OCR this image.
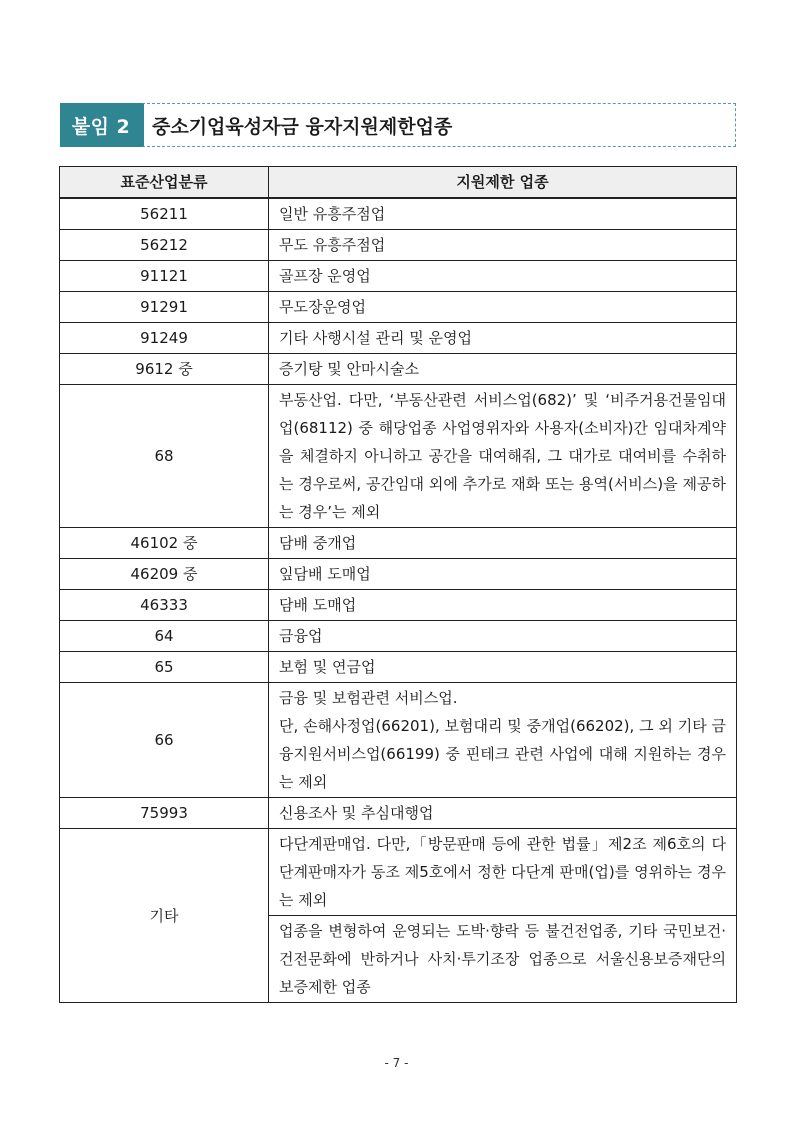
붙임 2	중소기업육성자금 융자지원제한업종
표준산업분류	지원제한 업종
56211	일반 유흥주점업
56212	무도 유흥주점업
91121	골프장 운영업
91291	무도장운영업
91249	기타 사행시설 관리 및 운영업
9612 중	증기탕 및 안마시술소
68	부동산업. 다만, ‘부동산관련 서비스업(682)’ 및 ‘비주거용건물임대업(68112) 중 해당업종 사업영위자와 사용자(소비자)간 임대차계약을 체결하지 아니하고 공간을 대여해줘, 그 대가로 대여비를 수취하는 경우로써, 공간임대 외에 추가로 재화 또는 용역(서비스)을 제공하는 경우’는 제외
46102 중	담배 중개업
46209 중	잎담배 도매업
46333	담배 도매업
64	금융업
65	보험 및 연금업
66	금융 및 보험관련 서비스업.
단, 손해사정업(66201), 보험대리 및 중개업(66202), 그 외 기타 금융지원서비스업(66199) 중 핀테크 관련 사업에 대해 지원하는 경우는 제외

75993	신용조사 및 추심대행업
기타	다단계판매업. 다만,「방문판매 등에 관한 법률」제2조 제6호의 다단계판매자가 동조 제5호에서 정한 다단계 판매(업)를 영위하는 경우는 제외
	업종을 변형하여 운영되는 도박·향락 등 불건전업종, 기타 국민보건·건전문화에 반하거나 사치·투기조장 업종으로 서울신용보증재단의 보증제한 업종
- 7 -
